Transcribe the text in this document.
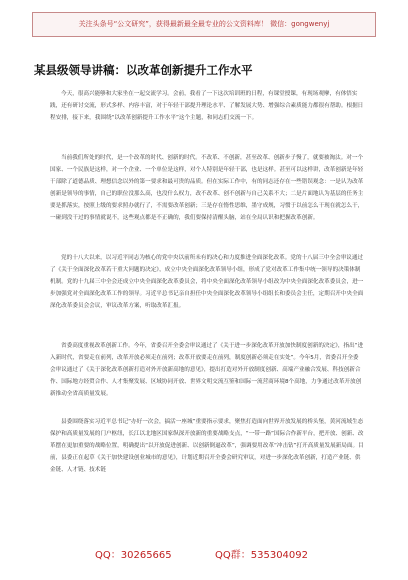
关注头条号“公文研究”，获得最新最全最专业的公文资料库！ 微信：gongwenyj
某县级领导讲稿：以改革创新提升工作水平

今天，很高兴能够和大家坐在一起交流学习。会前，我看了一下这次培训班的日程，有课堂授课，有现场观摩，有体悟实践，还有研讨交流，形式多样、内容丰富，对于年轻干部提升理论水平、了解发展大势、增强综合素质能力都很有帮助。根据日程安排，接下来，我围绕“以改革创新提升工作水平”这个主题，和同志们交流一下。

当前我们所处的时代，是一个改革的时代、创新的时代。不改革、不创新，甚至改革、创新步子慢了，就要被淘汰。对一个国家、一个民族是这样，对一个企业、一个单位是这样，对个人特别是年轻干部，也是这样。甚至可以这样讲，改革创新是年轻干部除了道德品质、理想信念以外的第一要求和最可贵的品质。但在实际工作中，有的同志还存在一些错误观念：一是认为改革创新是领导的事情，自己的职位没那么高，也没什么权力，改不改革、创不创新与自己关系不大；二是片面地认为基层的任务主要是抓落实，按照上级的要求照办就行了，不需要改革创新；三是存在惰性思维，墨守成规，习惯于以前怎么干现在就怎么干，一碰到没干过的事情就说不，这些观点都是不正确的，我们要保持清醒头脑，站在全局认识和把握改革创新。

党的十八大以来，以习近平同志为核心的党中央以前所未有的决心和力度推进全面深化改革。党的十八届三中全会审议通过了《关于全面深化改革若干重大问题的决定》，成立中央全面深化改革领导小组，形成了党对改革工作集中统一领导的决策体制机制。党的十九届三中全会还成立中央全面深化改革委员会，将中央全面深化改革领导小组改为中央全面深化改革委员会，进一步加强党对全面深化改革工作的领导。习近平总书记亲自担任中央全面深化改革领导小组组长和委员会主任，定期召开中央全面深化改革委员会会议，审议改革方案，听取改革汇报。

省委高度重视改革创新工作。今年，省委召开全委会审议通过了《关于进一步深化改革开放加快制度创新的决定》，指出“进入新时代，省要走在前列，改革开放必须走在前列；改革开放要走在前列，制度创新必须走在实处”。今年5月，省委召开全委会审议通过了《关于深化改革创新打造对外开放新高地的意见》，提出打造对外开放制度创新、高端产业融合发展、科技创新合作、国际地方经贸合作、人才集聚发展、区域协同开放、世界文明交流互鉴和国际一流营商环境8个高地，力争通过改革开放创新推动全省高质量发展。

县委围绕落实习近平总书记“办好一次会，搞活一座城”重要指示要求，聚焦打造面向世界开放发展的桥头堡，黄河流域生态保护和高质量发展的门户枢纽，长江以北地区国家纵深开放新的重要战略支点，“一带一路”国际合作新平台，把开放、创新、改革摆在更加重要的战略位置，明确提出“以开放促进创新、以创新倒逼改革”，强调要用改革“冲击钻”打开高质量发展新局面。目前，县委正在起草《关于加快建设创业城市的意见》，计划近期召开全委会研究审议，对进一步深化改革创新，打造产业链、供金链、人才链、技术链

QQ：30265665	QQ群：535304092
